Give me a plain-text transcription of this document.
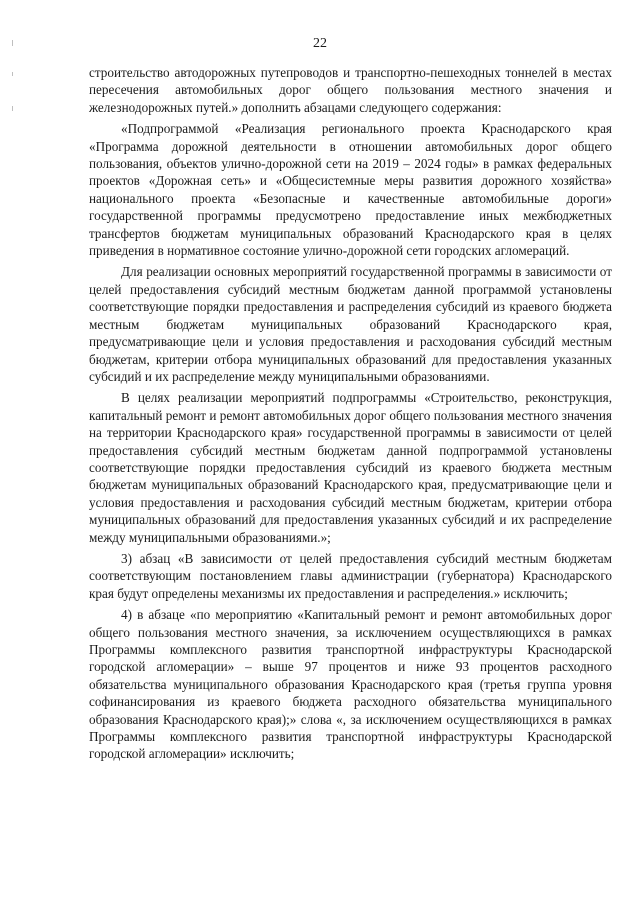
22

строительство автодорожных путепроводов и транспортно-пешеходных тоннелей в местах пересечения автомобильных дорог общего пользования местного значения и железнодорожных путей.» дополнить абзацами следующего содержания:

«Подпрограммой «Реализация регионального проекта Краснодарского края «Программа дорожной деятельности в отношении автомобильных дорог общего пользования, объектов улично-дорожной сети на 2019 – 2024 годы» в рамках федеральных проектов «Дорожная сеть» и «Общесистемные меры развития дорожного хозяйства» национального проекта «Безопасные и качественные автомобильные дороги» государственной программы предусмотрено предоставление иных межбюджетных трансфертов бюджетам муниципальных образований Краснодарского края в целях приведения в нормативное состояние улично-дорожной сети городских агломераций.

Для реализации основных мероприятий государственной программы в зависимости от целей предоставления субсидий местным бюджетам данной программой установлены соответствующие порядки предоставления и распределения субсидий из краевого бюджета местным бюджетам муниципальных образований Краснодарского края, предусматривающие цели и условия предоставления и расходования субсидий местным бюджетам, критерии отбора муниципальных образований для предоставления указанных субсидий и их распределение между муниципальными образованиями.

В целях реализации мероприятий подпрограммы «Строительство, реконструкция, капитальный ремонт и ремонт автомобильных дорог общего пользования местного значения на территории Краснодарского края» государственной программы в зависимости от целей предоставления субсидий местным бюджетам данной подпрограммой установлены соответствующие порядки предоставления субсидий из краевого бюджета местным бюджетам муниципальных образований Краснодарского края, предусматривающие цели и условия предоставления и расходования субсидий местным бюджетам, критерии отбора муниципальных образований для предоставления указанных субсидий и их распределение между муниципальными образованиями.»;

3) абзац «В зависимости от целей предоставления субсидий местным бюджетам соответствующим постановлением главы администрации (губернатора) Краснодарского края будут определены механизмы их предоставления и распределения.» исключить;

4) в абзаце «по мероприятию «Капитальный ремонт и ремонт автомобильных дорог общего пользования местного значения, за исключением осуществляющихся в рамках Программы комплексного развития транспортной инфраструктуры Краснодарской городской агломерации» – выше 97 процентов и ниже 93 процентов расходного обязательства муниципального образования Краснодарского края (третья группа уровня софинансирования из краевого бюджета расходного обязательства муниципального образования Краснодарского края);» слова «, за исключением осуществляющихся в рамках Программы комплексного развития транспортной инфраструктуры Краснодарской городской агломерации» исключить;
